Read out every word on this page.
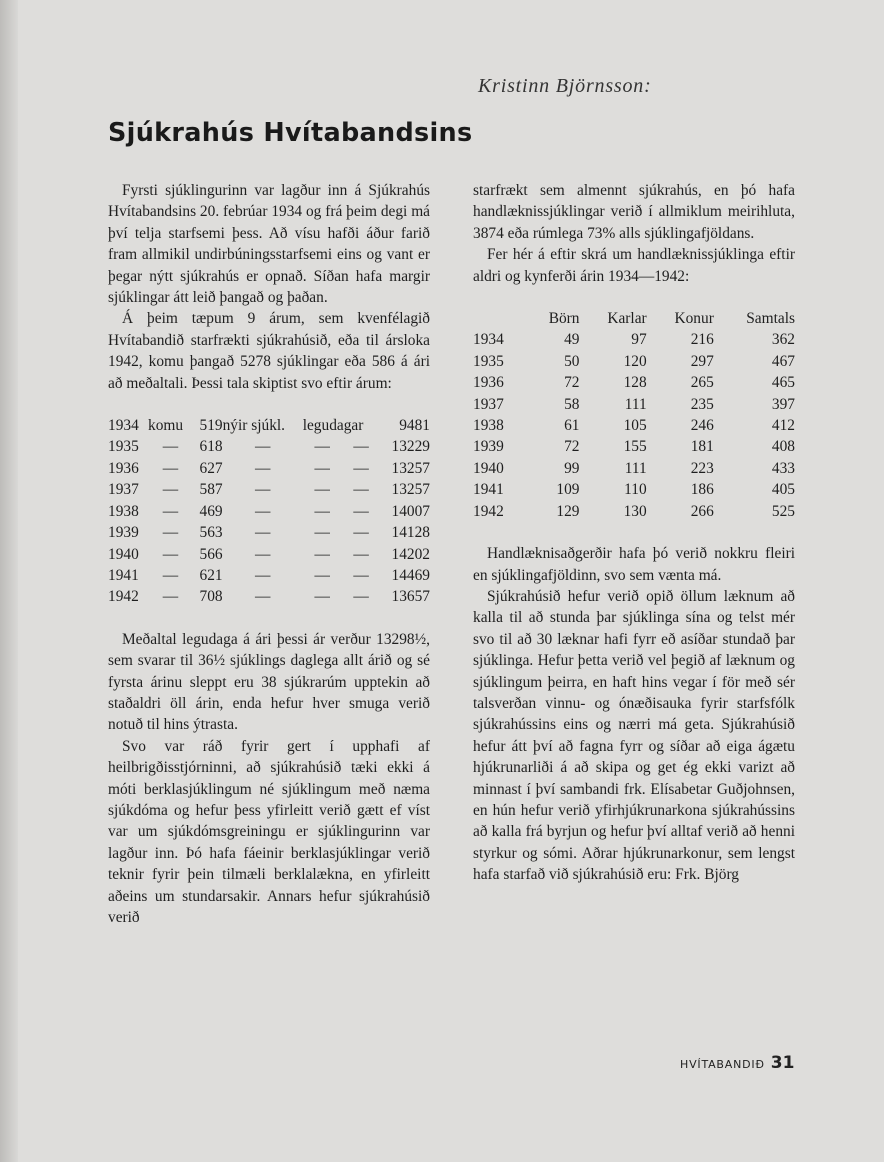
Kristinn Björnsson:
Sjúkrahús Hvítabandsins

Fyrsti sjúklingurinn var lagður inn á Sjúkrahús Hvítabandsins 20. febrúar 1934 og frá þeim degi má því telja starfsemi þess. Að vísu hafði áður farið fram allmikil undirbúningsstarfsemi eins og vant er þegar nýtt sjúkrahús er opnað. Síðan hafa margir sjúklingar átt leið þangað og þaðan.

Á þeim tæpum 9 árum, sem kvenfélagið Hvítabandið starfrækti sjúkrahúsið, eða til ársloka 1942, komu þangað 5278 sjúklingar eða 586 á ári að meðaltali. Þessi tala skiptist svo eftir árum:

1934	komu	519	nýir sjúkl.	legudagar		9481
1935	—	618	—	—	—	13229
1936	—	627	—	—	—	13257
1937	—	587	—	—	—	13257
1938	—	469	—	—	—	14007
1939	—	563	—	—	—	14128
1940	—	566	—	—	—	14202
1941	—	621	—	—	—	14469
1942	—	708	—	—	—	13657

Meðaltal legudaga á ári þessi ár verður 13298½, sem svarar til 36½ sjúklings daglega allt árið og sé fyrsta árinu sleppt eru 38 sjúkrarúm upptekin að staðaldri öll árin, enda hefur hver smuga verið notuð til hins ýtrasta.

Svo var ráð fyrir gert í upphafi af heilbrigðisstjórninni, að sjúkrahúsið tæki ekki á móti berklasjúklingum né sjúklingum með næma sjúkdóma og hefur þess yfirleitt verið gætt ef víst var um sjúkdómsgreiningu er sjúklingurinn var lagður inn. Þó hafa fáeinir berklasjúklingar verið teknir fyrir þein tilmæli berklalækna, en yfirleitt aðeins um stundarsakir. Annars hefur sjúkrahúsið verið

starfrækt sem almennt sjúkrahús, en þó hafa handlæknissjúklingar verið í allmiklum meirihluta, 3874 eða rúmlega 73% alls sjúklingafjöldans.

Fer hér á eftir skrá um handlæknissjúklinga eftir aldri og kynferði árin 1934—1942:

	Börn	Karlar	Konur	Samtals
1934	49	97	216	362
1935	50	120	297	467
1936	72	128	265	465
1937	58	111	235	397
1938	61	105	246	412
1939	72	155	181	408
1940	99	111	223	433
1941	109	110	186	405
1942	129	130	266	525

Handlæknisaðgerðir hafa þó verið nokkru fleiri en sjúklingafjöldinn, svo sem vænta má.

Sjúkrahúsið hefur verið opið öllum læknum að kalla til að stunda þar sjúklinga sína og telst mér svo til að 30 læknar hafi fyrr eð asíðar stundað þar sjúklinga. Hefur þetta verið vel þegið af læknum og sjúklingum þeirra, en haft hins vegar í för með sér talsverðan vinnu- og ónæðisauka fyrir starfsfólk sjúkrahússins eins og nærri má geta. Sjúkrahúsið hefur átt því að fagna fyrr og síðar að eiga ágætu hjúkrunarliði á að skipa og get ég ekki varizt að minnast í því sambandi frk. Elísabetar Guðjohnsen, en hún hefur verið yfirhjúkrunarkona sjúkrahússins að kalla frá byrjun og hefur því alltaf verið að henni styrkur og sómi. Aðrar hjúkrunarkonur, sem lengst hafa starfað við sjúkrahúsið eru: Frk. Björg

HVÍTABANDIÐ 31
